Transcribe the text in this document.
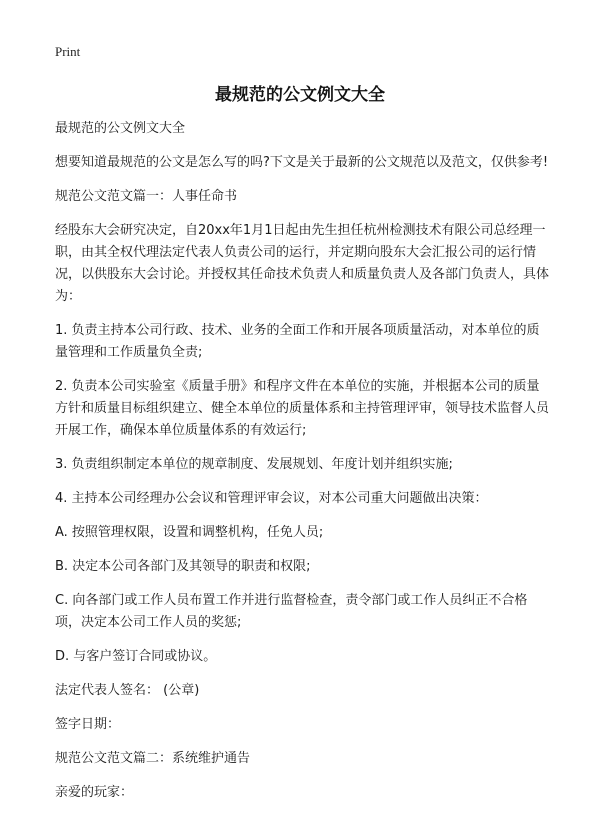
Print
最规范的公文例文大全

最规范的公文例文大全

想要知道最规范的公文是怎么写的吗?下文是关于最新的公文规范以及范文，仅供参考!

规范公文范文篇一：人事任命书

经股东大会研究决定，自20xx年1月1日起由先生担任杭州检测技术有限公司总经理一职，由其全权代理法定代表人负责公司的运行，并定期向股东大会汇报公司的运行情况，以供股东大会讨论。并授权其任命技术负责人和质量负责人及各部门负责人，具体为：

1. 负责主持本公司行政、技术、业务的全面工作和开展各项质量活动，对本单位的质量管理和工作质量负全责;

2. 负责本公司实验室《质量手册》和程序文件在本单位的实施，并根据本公司的质量方针和质量目标组织建立、健全本单位的质量体系和主持管理评审，领导技术监督人员开展工作，确保本单位质量体系的有效运行;

3. 负责组织制定本单位的规章制度、发展规划、年度计划并组织实施;

4. 主持本公司经理办公会议和管理评审会议，对本公司重大问题做出决策：

A. 按照管理权限，设置和调整机构，任免人员;

B. 决定本公司各部门及其领导的职责和权限;

C. 向各部门或工作人员布置工作并进行监督检查，责令部门或工作人员纠正不合格项，决定本公司工作人员的奖惩;

D. 与客户签订合同或协议。

法定代表人签名： (公章)

签字日期：

规范公文范文篇二：系统维护通告

亲爱的玩家：
